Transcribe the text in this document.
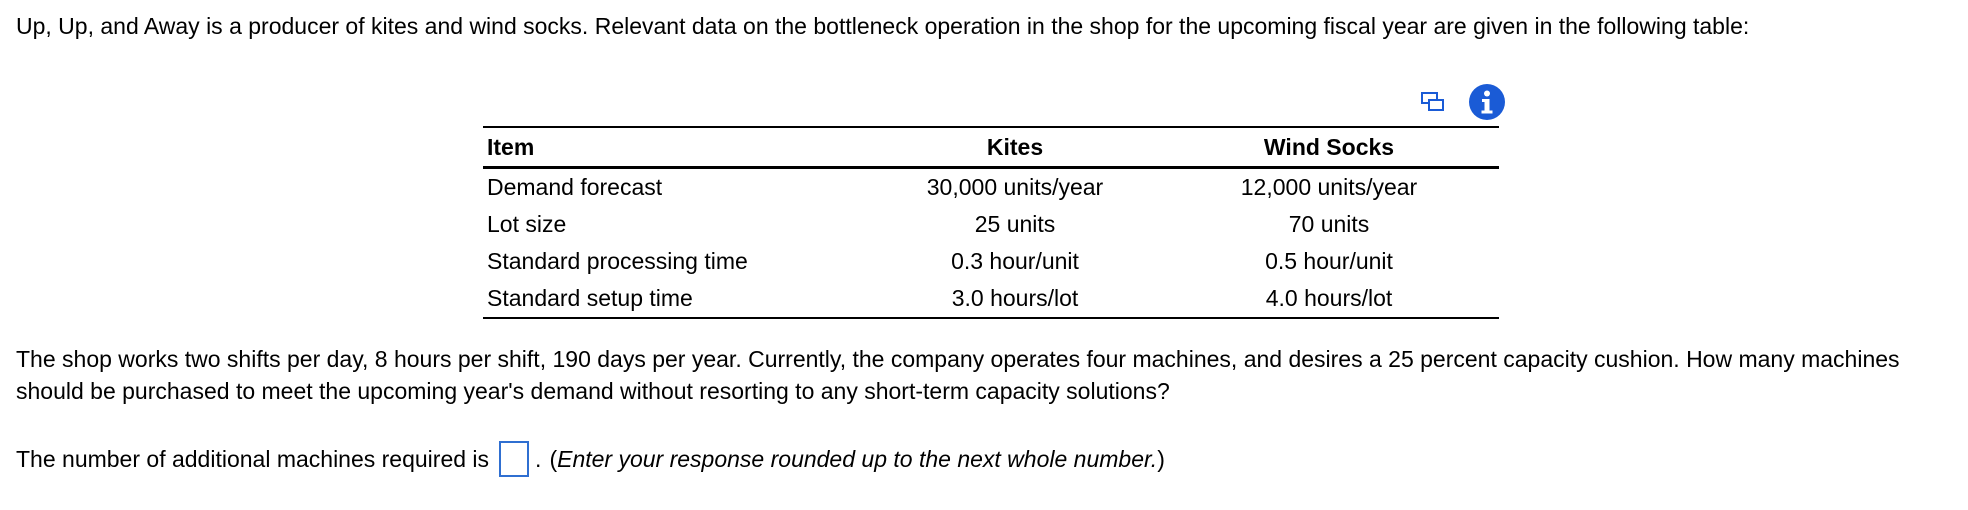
Up, Up, and Away is a producer of kites and wind socks. Relevant data on the bottleneck operation in the shop for the upcoming fiscal year are given in the following table:

Item	Kites	Wind Socks
Demand forecast	30,000 units/year	12,000 units/year
Lot size	25 units	70 units
Standard processing time	0.3 hour/unit	0.5 hour/unit
Standard setup time	3.0 hours/lot	4.0 hours/lot

The shop works two shifts per day, 8 hours per shift, 190 days per year. Currently, the company operates four machines, and desires a 25 percent capacity cushion. How many machines should be purchased to meet the upcoming year's demand without resorting to any short-term capacity solutions?

The number of additional machines required is . ( Enter your response rounded up to the next whole number. )
